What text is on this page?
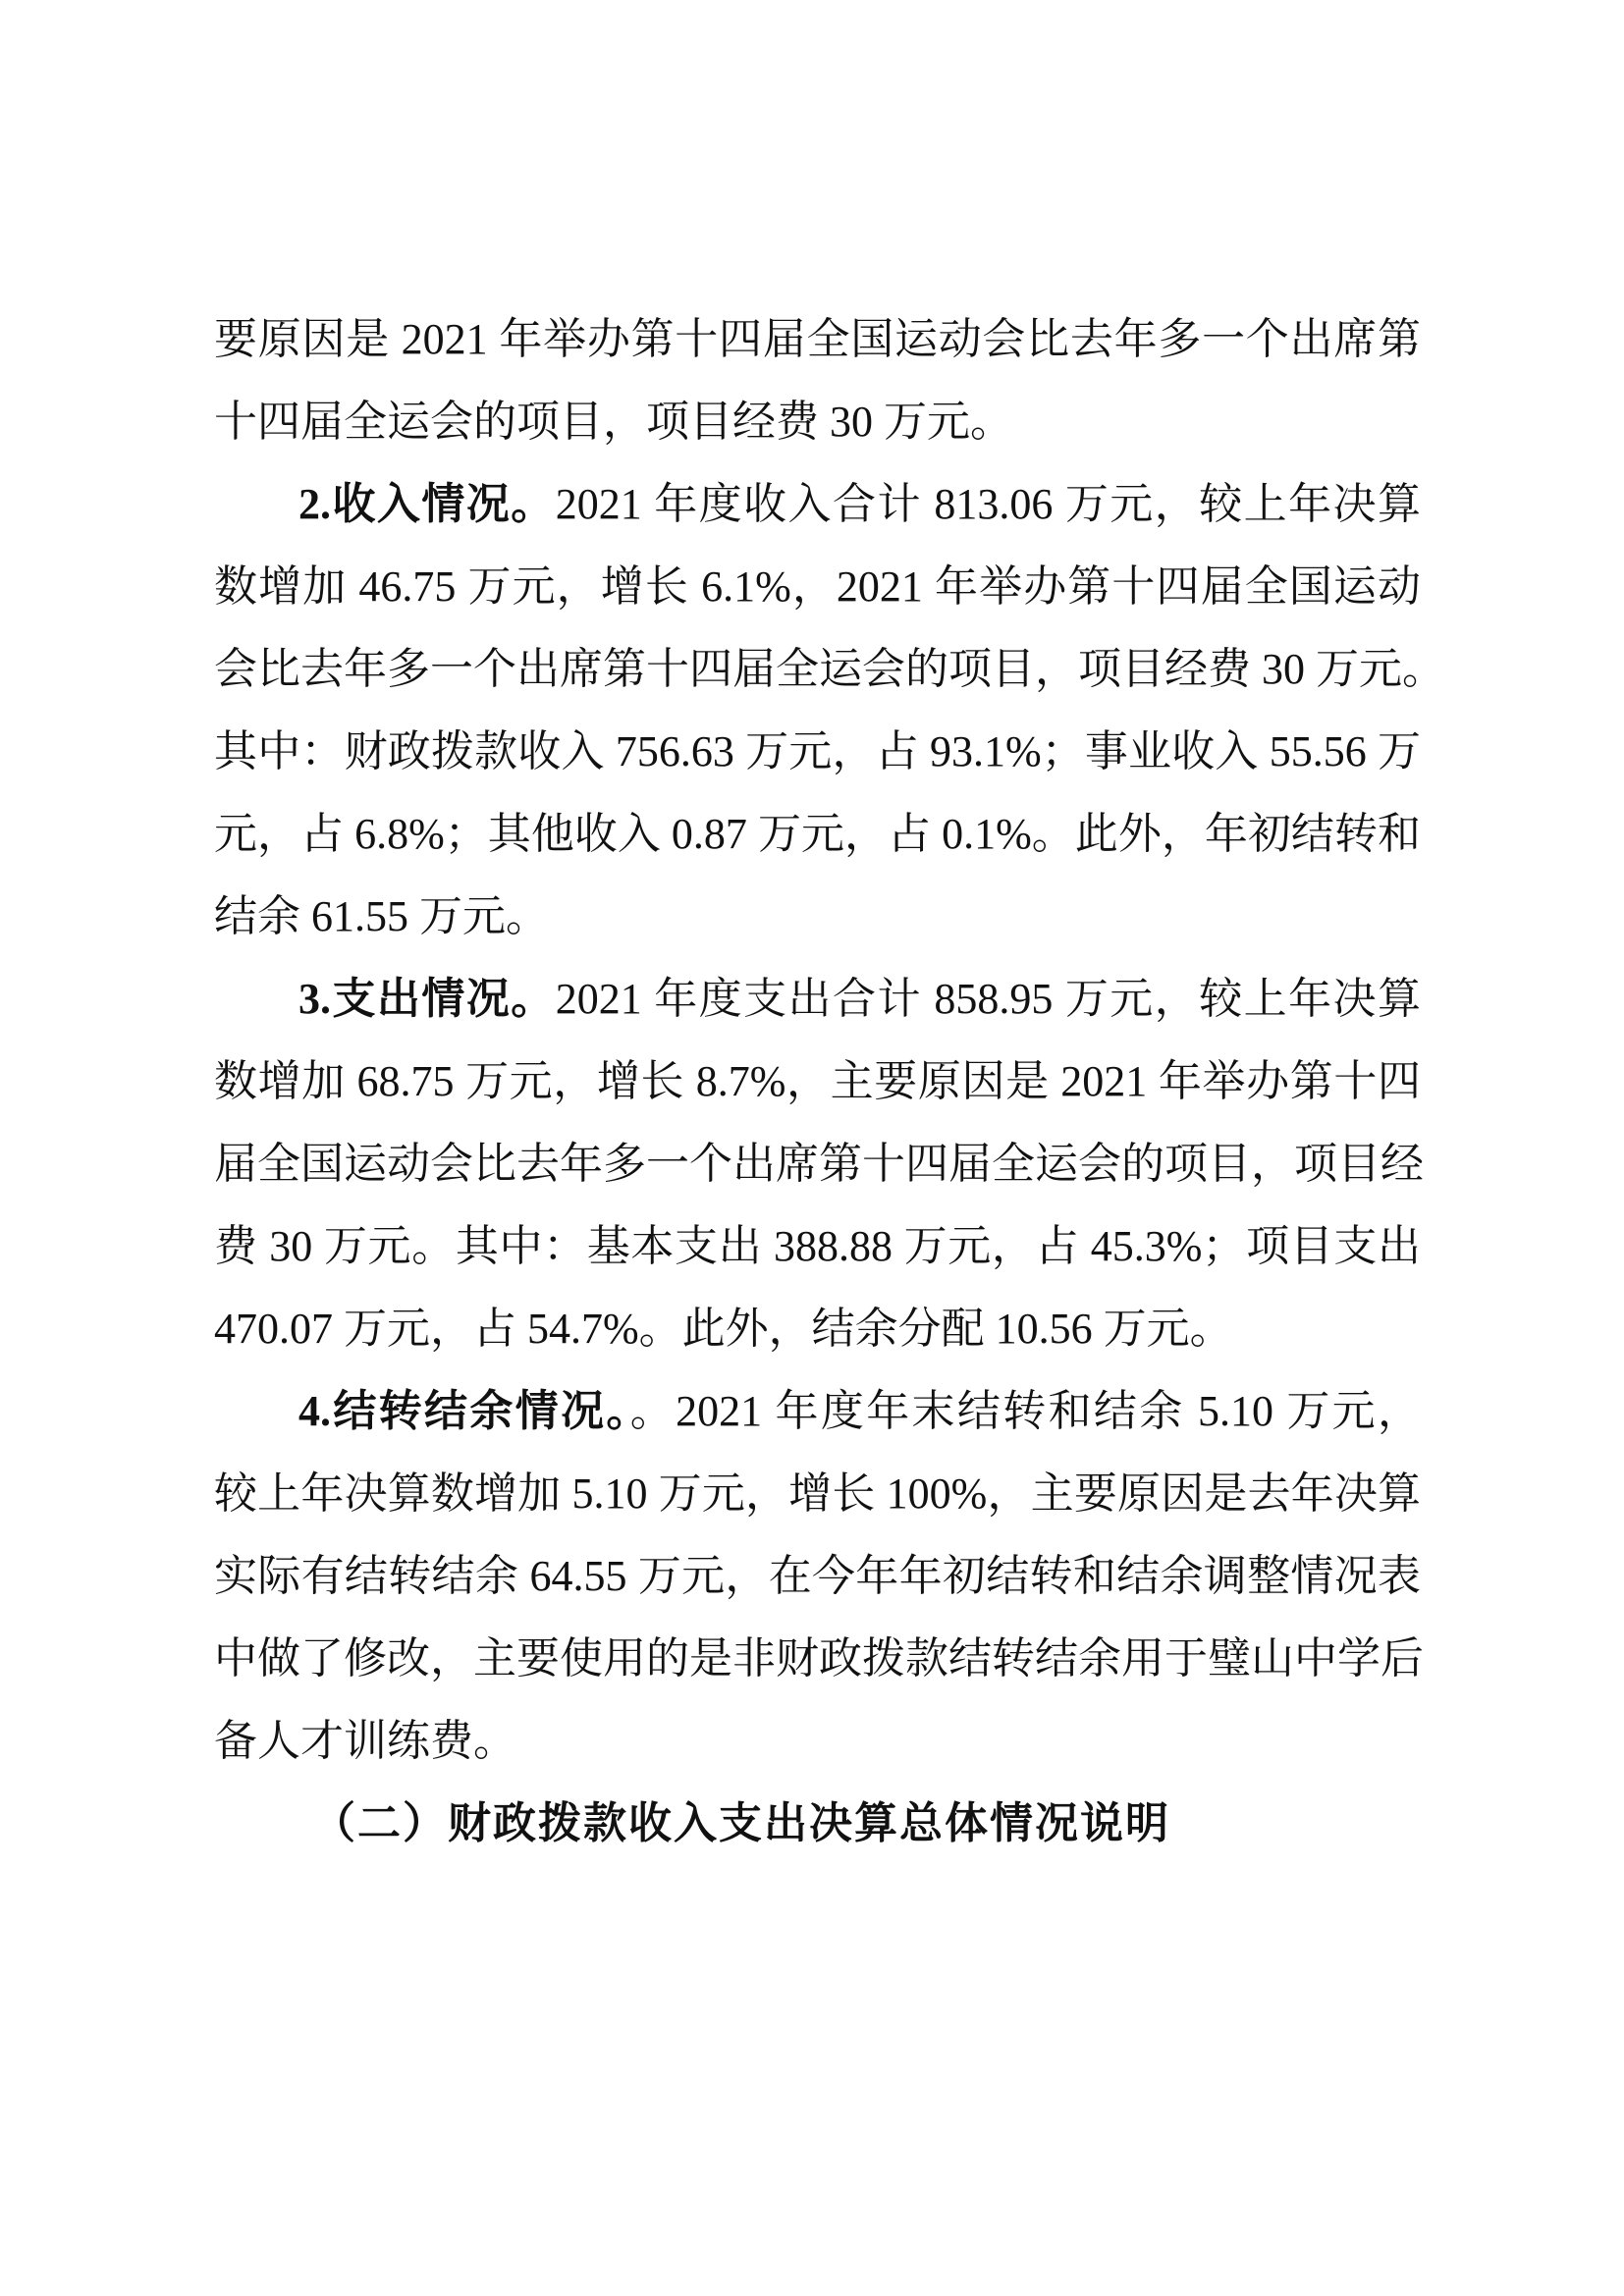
要原因是 2021 年举办第十四届全国运动会比去年多一个出席第
十四届全运会的项目，项目经费 30 万元。
2.收入情况。2021 年度收入合计 813.06 万元，较上年决算
数增加 46.75 万元，增长 6.1%，2021 年举办第十四届全国运动
会比去年多一个出席第十四届全运会的项目，项目经费 30 万元。
其中：财政拨款收入 756.63 万元，占 93.1%；事业收入 55.56 万
元，占 6.8%；其他收入 0.87 万元，占 0.1%。此外，年初结转和
结余 61.55 万元。
3.支出情况。2021 年度支出合计 858.95 万元，较上年决算
数增加 68.75 万元，增长 8.7%，主要原因是 2021 年举办第十四
届全国运动会比去年多一个出席第十四届全运会的项目，项目经
费 30 万元。其中：基本支出 388.88 万元，占 45.3%；项目支出
470.07 万元，占 54.7%。此外，结余分配 10.56 万元。
4.结转结余情况。。2021 年度年末结转和结余 5.10 万元，
较上年决算数增加 5.10 万元，增长 100%，主要原因是去年决算
实际有结转结余 64.55 万元，在今年年初结转和结余调整情况表
中做了修改，主要使用的是非财政拨款结转结余用于璧山中学后
备人才训练费。
（二）财政拨款收入支出决算总体情况说明
